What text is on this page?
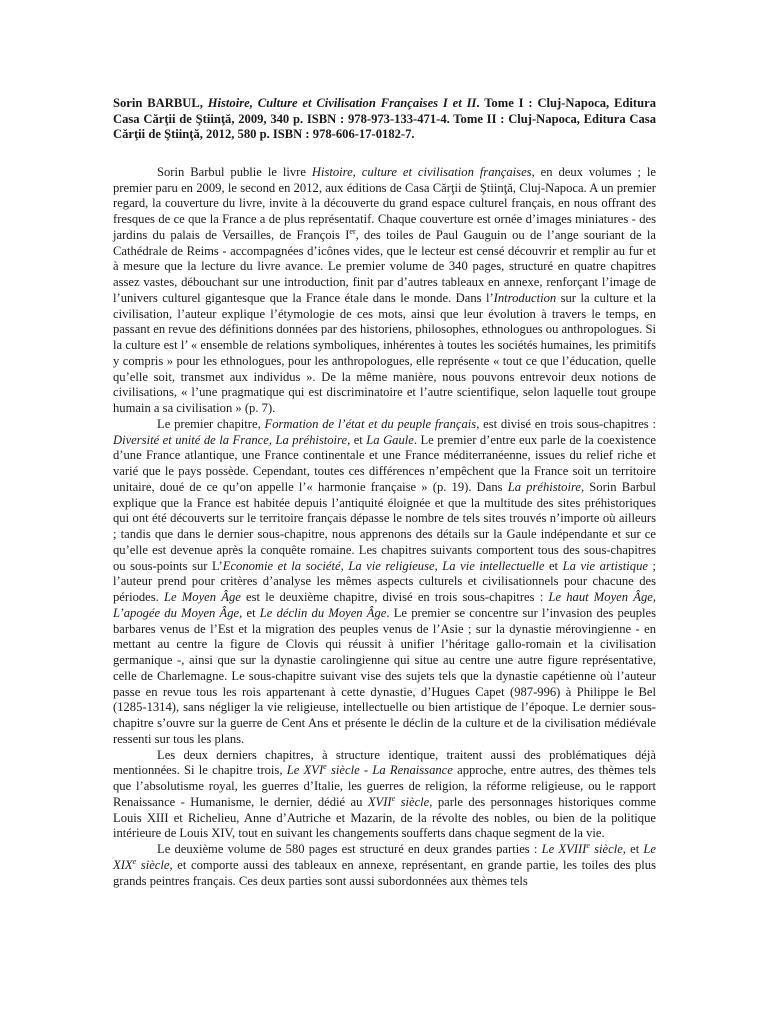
Sorin BARBUL, Histoire, Culture et Civilisation Françaises I et II. Tome I : Cluj-Napoca, Editura Casa Cărţii de Ştiinţă, 2009, 340 p. ISBN : 978-973-133-471-4. Tome II : Cluj-Napoca, Editura Casa Cărţii de Ştiinţă, 2012, 580 p. ISBN : 978-606-17-0182-7.

Sorin Barbul publie le livre Histoire, culture et civilisation françaises, en deux volumes ; le premier paru en 2009, le second en 2012, aux éditions de Casa Cărţii de Ştiinţă, Cluj-Napoca. A un premier regard, la couverture du livre, invite à la découverte du grand espace culturel français, en nous offrant des fresques de ce que la France a de plus représentatif. Chaque couverture est ornée d’images miniatures - des jardins du palais de Versailles, de François Ier, des toiles de Paul Gauguin ou de l’ange souriant de la Cathédrale de Reims - accompagnées d’icônes vides, que le lecteur est censé découvrir et remplir au fur et à mesure que la lecture du livre avance. Le premier volume de 340 pages, structuré en quatre chapitres assez vastes, débouchant sur une introduction, finit par d’autres tableaux en annexe, renforçant l’image de l’univers culturel gigantesque que la France étale dans le monde. Dans l’Introduction sur la culture et la civilisation, l’auteur explique l’étymologie de ces mots, ainsi que leur évolution à travers le temps, en passant en revue des définitions données par des historiens, philosophes, ethnologues ou anthropologues. Si la culture est l’ « ensemble de relations symboliques, inhérentes à toutes les sociétés humaines, les primitifs y compris » pour les ethnologues, pour les anthropologues, elle représente « tout ce que l’éducation, quelle qu’elle soit, transmet aux individus ». De la même manière, nous pouvons entrevoir deux notions de civilisations, « l’une pragmatique qui est discriminatoire et l’autre scientifique, selon laquelle tout groupe humain a sa civilisation » (p. 7).

Le premier chapitre, Formation de l’état et du peuple français, est divisé en trois sous-chapitres : Diversité et unité de la France, La préhistoire, et La Gaule. Le premier d’entre eux parle de la coexistence d’une France atlantique, une France continentale et une France méditerranéenne, issues du relief riche et varié que le pays possède. Cependant, toutes ces différences n’empêchent que la France soit un territoire unitaire, doué de ce qu’on appelle l’« harmonie française » (p. 19). Dans La préhistoire, Sorin Barbul explique que la France est habitée depuis l’antiquité éloignée et que la multitude des sites préhistoriques qui ont été découverts sur le territoire français dépasse le nombre de tels sites trouvés n’importe où ailleurs ; tandis que dans le dernier sous-chapitre, nous apprenons des détails sur la Gaule indépendante et sur ce qu’elle est devenue après la conquête romaine. Les chapitres suivants comportent tous des sous-chapitres ou sous-points sur L’Economie et la société, La vie religieuse, La vie intellectuelle et La vie artistique ; l’auteur prend pour critères d’analyse les mêmes aspects culturels et civilisationnels pour chacune des périodes. Le Moyen Âge est le deuxième chapitre, divisé en trois sous-chapitres : Le haut Moyen Âge, L’apogée du Moyen Âge, et Le déclin du Moyen Âge. Le premier se concentre sur l’invasion des peuples barbares venus de l’Est et la migration des peuples venus de l’Asie ; sur la dynastie mérovingienne - en mettant au centre la figure de Clovis qui réussit à unifier l’héritage gallo-romain et la civilisation germanique -, ainsi que sur la dynastie carolingienne qui situe au centre une autre figure représentative, celle de Charlemagne. Le sous-chapitre suivant vise des sujets tels que la dynastie capétienne où l’auteur passe en revue tous les rois appartenant à cette dynastie, d’Hugues Capet (987-996) à Philippe le Bel (1285-1314), sans négliger la vie religieuse, intellectuelle ou bien artistique de l’époque. Le dernier sous-chapitre s’ouvre sur la guerre de Cent Ans et présente le déclin de la culture et de la civilisation médiévale ressenti sur tous les plans.

Les deux derniers chapitres, à structure identique, traitent aussi des problématiques déjà mentionnées. Si le chapitre trois, Le XVIe siècle - La Renaissance approche, entre autres, des thèmes tels que l’absolutisme royal, les guerres d’Italie, les guerres de religion, la réforme religieuse, ou le rapport Renaissance - Humanisme, le dernier, dédié au XVIIe siècle, parle des personnages historiques comme Louis XIII et Richelieu, Anne d’Autriche et Mazarin, de la révolte des nobles, ou bien de la politique intérieure de Louis XIV, tout en suivant les changements soufferts dans chaque segment de la vie.

Le deuxième volume de 580 pages est structuré en deux grandes parties : Le XVIIIe siècle, et Le XIXe siècle, et comporte aussi des tableaux en annexe, représentant, en grande partie, les toiles des plus grands peintres français. Ces deux parties sont aussi subordonnées aux thèmes tels
